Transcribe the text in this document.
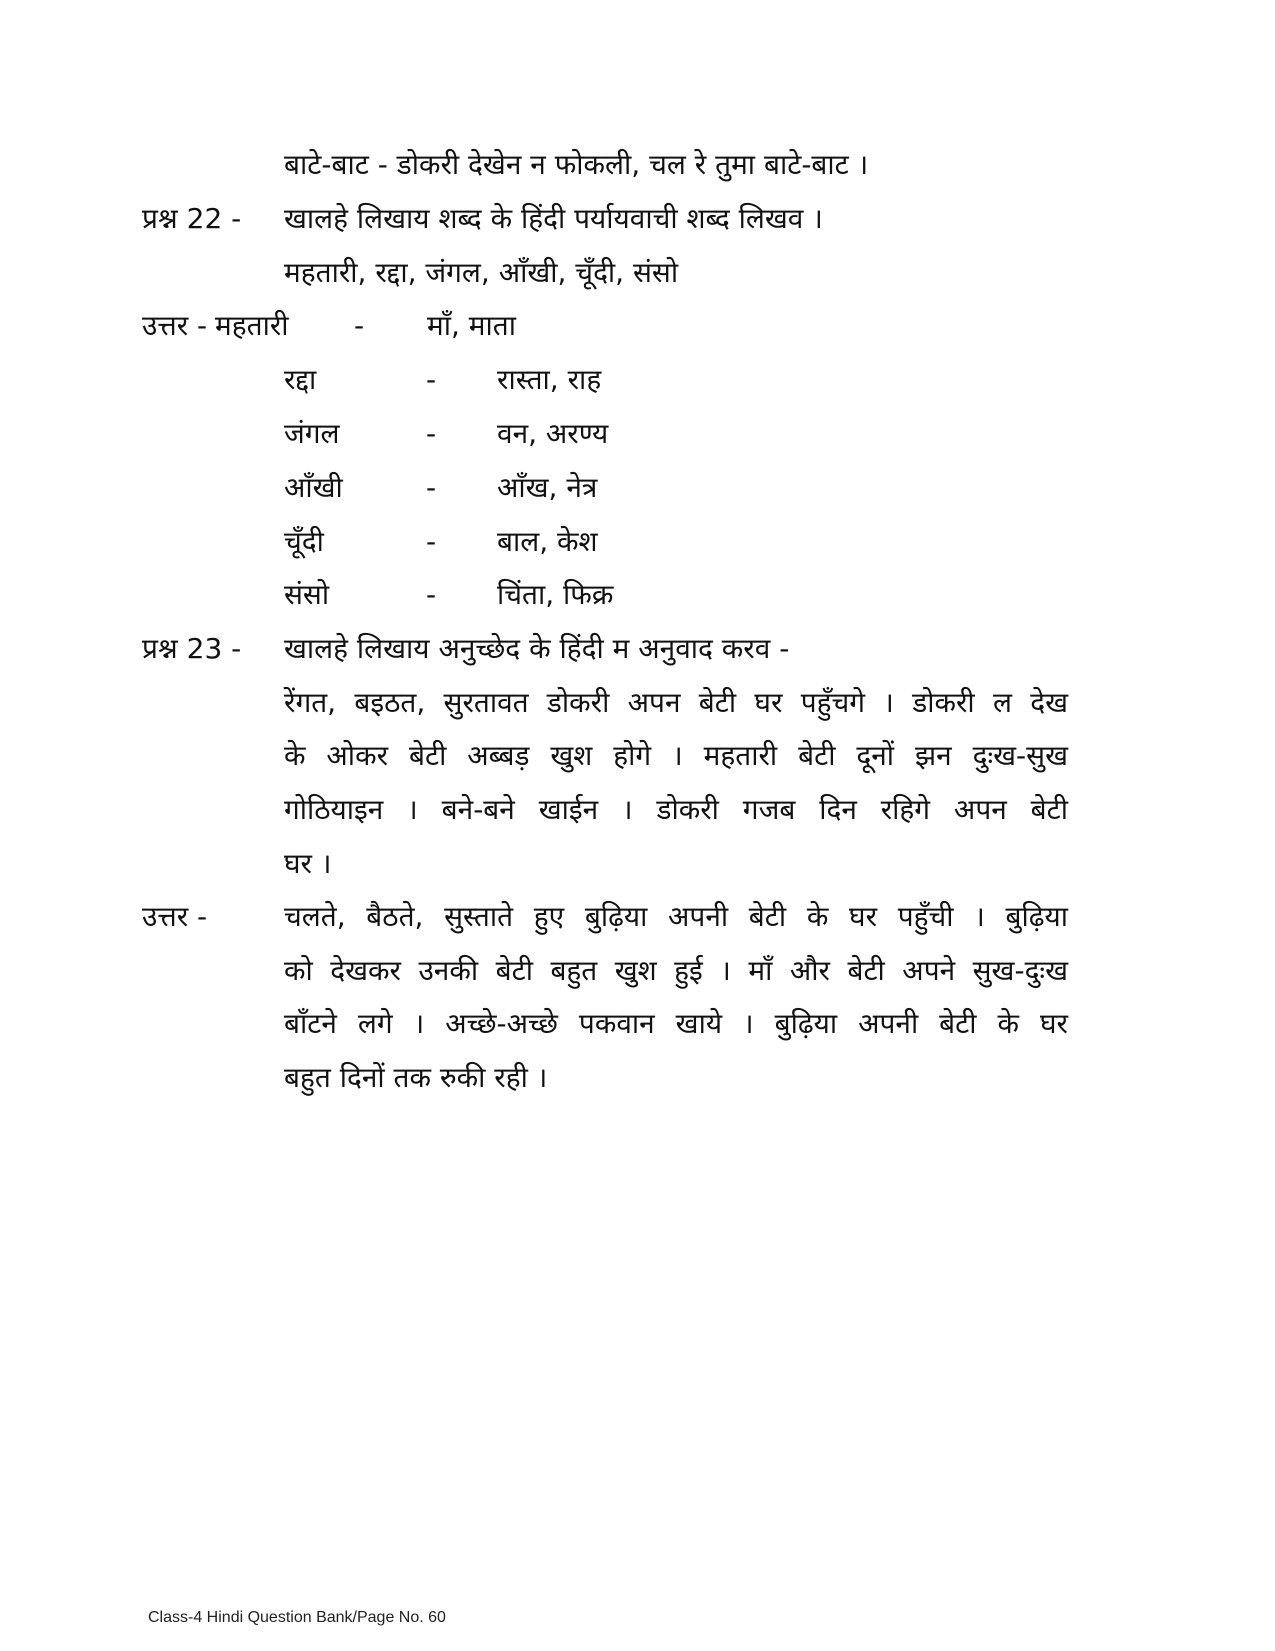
बाटे-बाट - डोकरी देखेन न फोकली, चल रे तुमा बाटे-बाट ।
प्रश्न 22 - खालहे लिखाय शब्द के हिंदी पर्यायवाची शब्द लिखव ।
महतारी, रद्दा, जंगल, आँखी, चूँदी, संसो
उत्तर - महतारी - माँ, माता
रद्दा	- रास्ता, राह
जंगल	- वन, अरण्य
आँखी	- आँख, नेत्र
चूँदी	- बाल, केश
संसो	- चिंता, फिक्र
प्रश्न 23 - खालहे लिखाय अनुच्छेद के हिंदी म अनुवाद करव -
रेंगत, बइठत, सुरतावत डोकरी अपन बेटी घर पहुँचगे । डोकरी ल देख
के ओकर बेटी अब्बड़ खुश होगे । महतारी बेटी दूनों झन दुःख-सुख
गोठियाइन । बने-बने खाईन । डोकरी गजब दिन रहिगे अपन बेटी
घर ।
उत्तर -	चलते, बैठते, सुस्ताते हुए बुढ़िया अपनी बेटी के घर पहुँची । बुढ़िया
को देखकर उनकी बेटी बहुत खुश हुई । माँ और बेटी अपने सुख-दुःख
बाँटने लगे । अच्छे-अच्छे पकवान खाये । बुढ़िया अपनी बेटी के घर
बहुत दिनों तक रुकी रही ।
Class-4 Hindi Question Bank/Page No. 60
